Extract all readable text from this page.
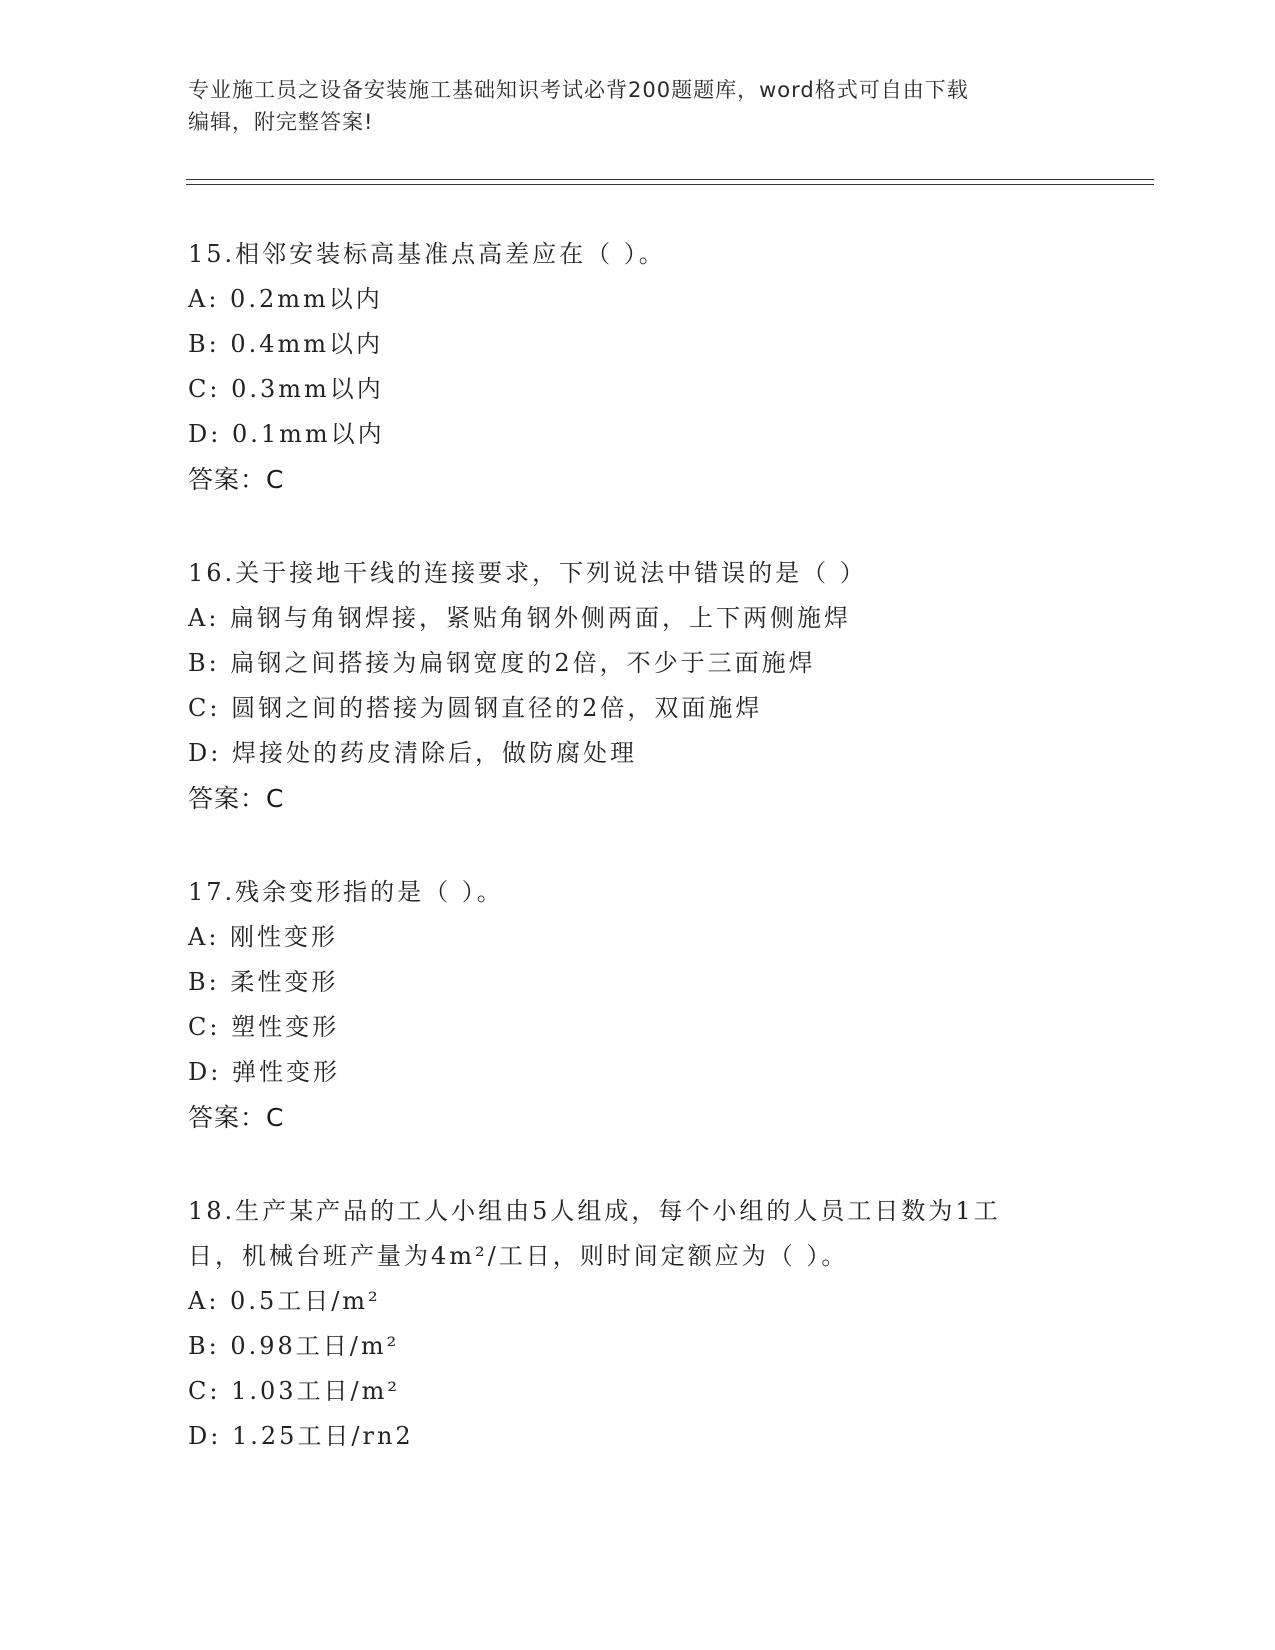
专业施工员之设备安装施工基础知识考试必背200题题库，word格式可自由下载
编辑，附完整答案!
15.相邻安装标高基准点高差应在（ ）。
A: 0.2mm以内
B: 0.4mm以内
C: 0.3mm以内
D: 0.1mm以内
答案：C
16.关于接地干线的连接要求，下列说法中错误的是（ ）
A: 扁钢与角钢焊接，紧贴角钢外侧两面，上下两侧施焊
B: 扁钢之间搭接为扁钢宽度的2倍，不少于三面施焊
C: 圆钢之间的搭接为圆钢直径的2倍，双面施焊
D: 焊接处的药皮清除后，做防腐处理
答案：C
17.残余变形指的是（ ）。
A: 刚性变形
B: 柔性变形
C: 塑性变形
D: 弹性变形
答案：C
18.生产某产品的工人小组由5人组成，每个小组的人员工日数为1工
日，机械台班产量为4m²/工日，则时间定额应为（ ）。
A: 0.5工日/m²
B: 0.98工日/m²
C: 1.03工日/m²
D: 1.25工日/rn2
